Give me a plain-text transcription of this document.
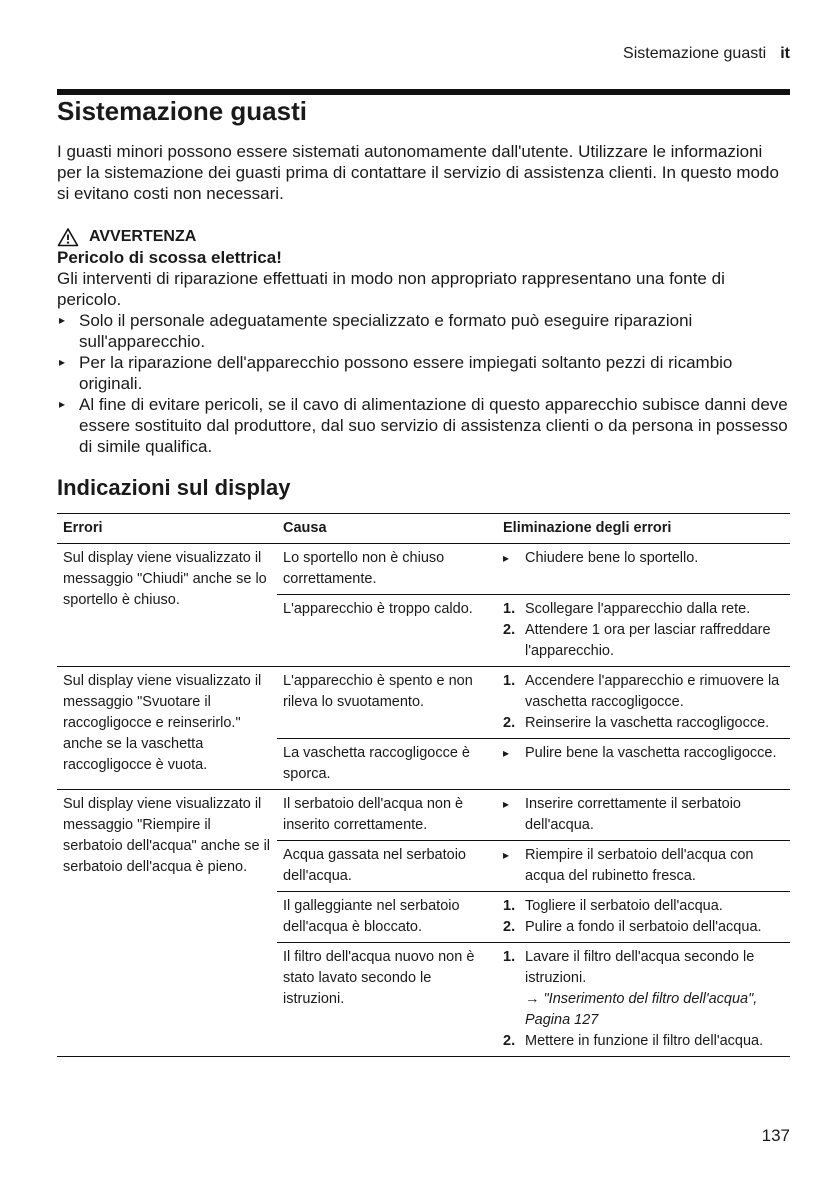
Sistemazione guasti it
Sistemazione guasti

I guasti minori possono essere sistemati autonomamente dall'utente. Utilizzare le informazioni per la sistemazione dei guasti prima di contattare il servizio di assistenza clienti. In questo modo si evitano costi non necessari.

AVVERTENZA
Pericolo di scossa elettrica!
Gli interventi di riparazione effettuati in modo non appropriato rappresentano una fonte di pericolo.
▸ Solo il personale adeguatamente specializzato e formato può eseguire riparazioni sull'apparecchio.
▸ Per la riparazione dell'apparecchio possono essere impiegati soltanto pezzi di ricambio originali.
▸ Al fine di evitare pericoli, se il cavo di alimentazione di questo apparecchio subisce danni deve essere sostituito dal produttore, dal suo servizio di assistenza clienti o da persona in possesso di simile qualifica.
Indicazioni sul display
Errori	Causa	Eliminazione degli errori
Sul display viene visualizzato il messaggio "Chiudi" anche se lo sportello è chiuso.	Lo sportello non è chiuso correttamente.	▸ Chiudere bene lo sportello.

	L'apparecchio è troppo caldo.	1. Scollegare l'apparecchio dalla rete.
2. Attendere 1 ora per lasciar raffreddare l'apparecchio.

Sul display viene visualizzato il messaggio "Svuotare il raccogligocce e reinserirlo." anche se la vaschetta raccogligocce è vuota.	L'apparecchio è spento e non rileva lo svuotamento.	1. Accendere l'apparecchio e rimuovere la vaschetta raccogligocce.
2. Reinserire la vaschetta raccogligocce.

	La vaschetta raccogligocce è sporca.	▸ Pulire bene la vaschetta raccogligocce.

Sul display viene visualizzato il messaggio "Riempire il serbatoio dell'acqua" anche se il serbatoio dell'acqua è pieno.	Il serbatoio dell'acqua non è inserito correttamente.	▸ Inserire correttamente il serbatoio dell'acqua.

	Acqua gassata nel serbatoio dell'acqua.	▸ Riempire il serbatoio dell'acqua con acqua del rubinetto fresca.

	Il galleggiante nel serbatoio dell'acqua è bloccato.	1. Togliere il serbatoio dell'acqua.
2. Pulire a fondo il serbatoio dell'acqua.

	Il filtro dell'acqua nuovo non è stato lavato secondo le istruzioni.	1. Lavare il filtro dell'acqua secondo le istruzioni.
→ "Inserimento del filtro dell'acqua", Pagina 127
2. Mettere in funzione il filtro dell'acqua.
137
